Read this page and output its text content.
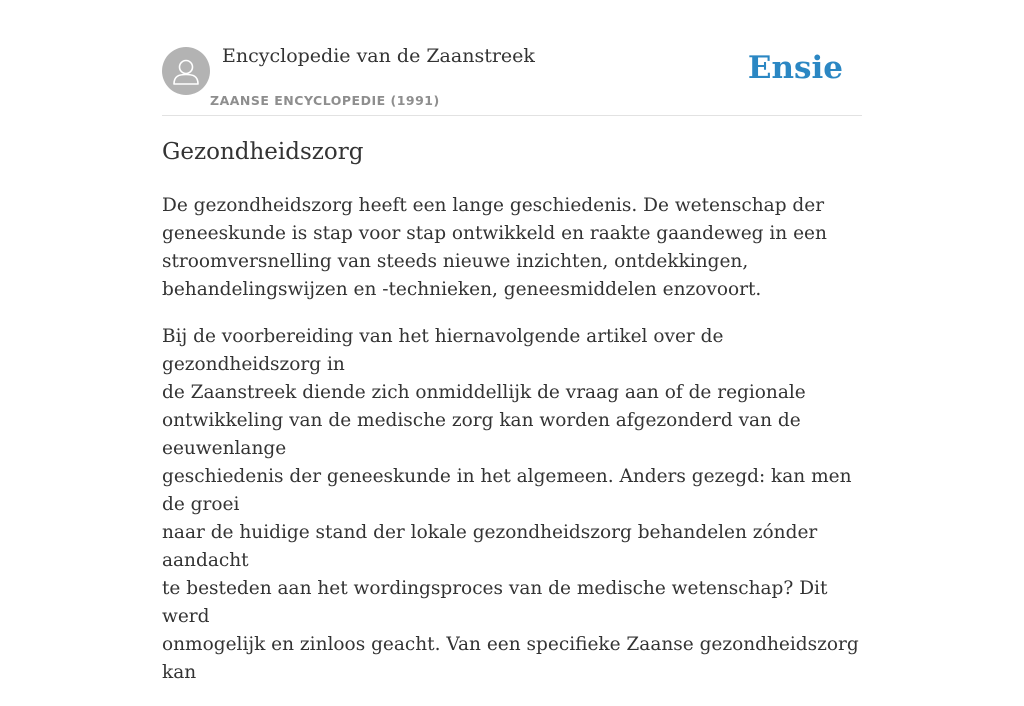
Encyclopedie van de Zaanstreek
ZAANSE ENCYCLOPEDIE (1991)
Ensie
Gezondheidszorg

De gezondheidszorg heeft een lange geschiedenis. De wetenschap der
geneeskunde is stap voor stap ontwikkeld en raakte gaandeweg in een
stroomversnelling van steeds nieuwe inzichten, ontdekkingen,
behandelingswijzen en -technieken, geneesmiddelen enzovoort.

Bij de voorbereiding van het hiernavolgende artikel over de gezondheidszorg in
de Zaanstreek diende zich onmiddellijk de vraag aan of de regionale
ontwikkeling van de medische zorg kan worden afgezonderd van de eeuwenlange
geschiedenis der geneeskunde in het algemeen. Anders gezegd: kan men de groei
naar de huidige stand der lokale gezondheidszorg behandelen zónder aandacht
te besteden aan het wordingsproces van de medische wetenschap? Dit werd
onmogelijk en zinloos geacht. Van een specifieke Zaanse gezondheidszorg kan
